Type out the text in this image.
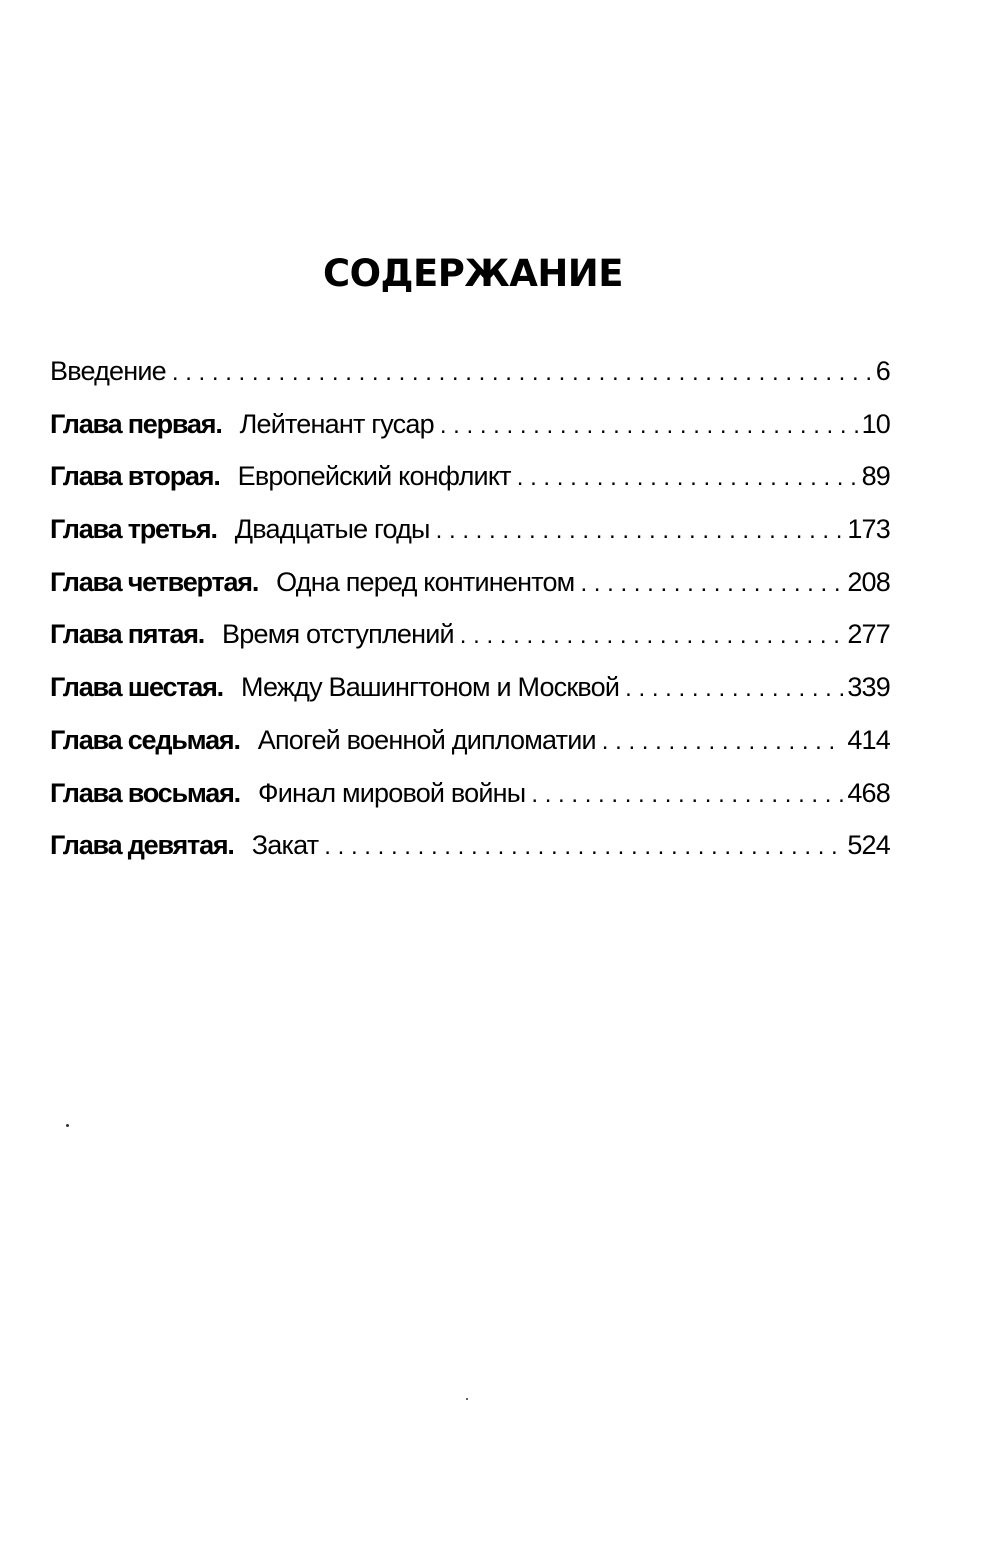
СОДЕРЖАНИЕ
Введение . . .	6
Глава первая. Лейтенант гусар . . .	10
Глава вторая. Европейский конфликт . . .	89
Глава третья. Двадцатые годы . . .	173
Глава четвертая. Одна перед континентом . . .	208
Глава пятая. Время отступлений . . .	277
Глава шестая. Между Вашингтоном и Москвой . . .	339
Глава седьмая. Апогей военной дипломатии . . .	414
Глава восьмая. Финал мировой войны . . .	468
Глава девятая. Закат . . .	524
